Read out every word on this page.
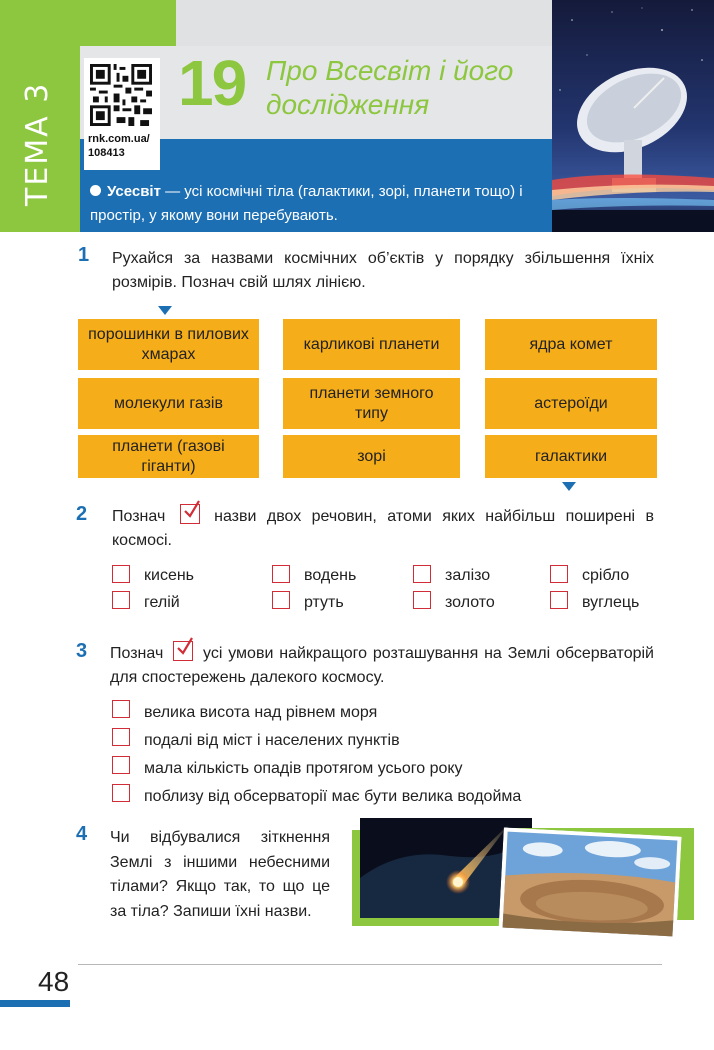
ТЕМА 3	rnk.com.ua/
108413
19 Про Всесвіт і його дослідження
Усесвіт — усі космічні тіла (галактики, зорі, планети тощо) і простір, у якому вони перебувають.
1 Рухайся за назвами космічних об’єктів у порядку збільшення їхніх розмірів. Познач свій шлях лінією.
порошинки в пилових хмарах
карликові планети	ядра комет
молекули газів
планети земного типу
астероїди
планети (газові гіганти)
зорі	галактики
2 Познач	назви двох речовин, атоми яких найбільш поширені в космосі.
кисень	водень	залізо	срібло
гелій	ртуть	золото	вуглець
3 Познач усі умови найкращого розташування на Землі обсерваторій для спостережень далекого космосу.
велика висота над рівнем моря
подалі від міст і населених пунктів
мала кількість опадів протягом усього року
поблизу від обсерваторії має бути велика водойма
4 Чи відбувалися зіткнення Землі з іншими небесними тілами? Якщо так, то що це за тіла? Запиши їхні назви.
48
